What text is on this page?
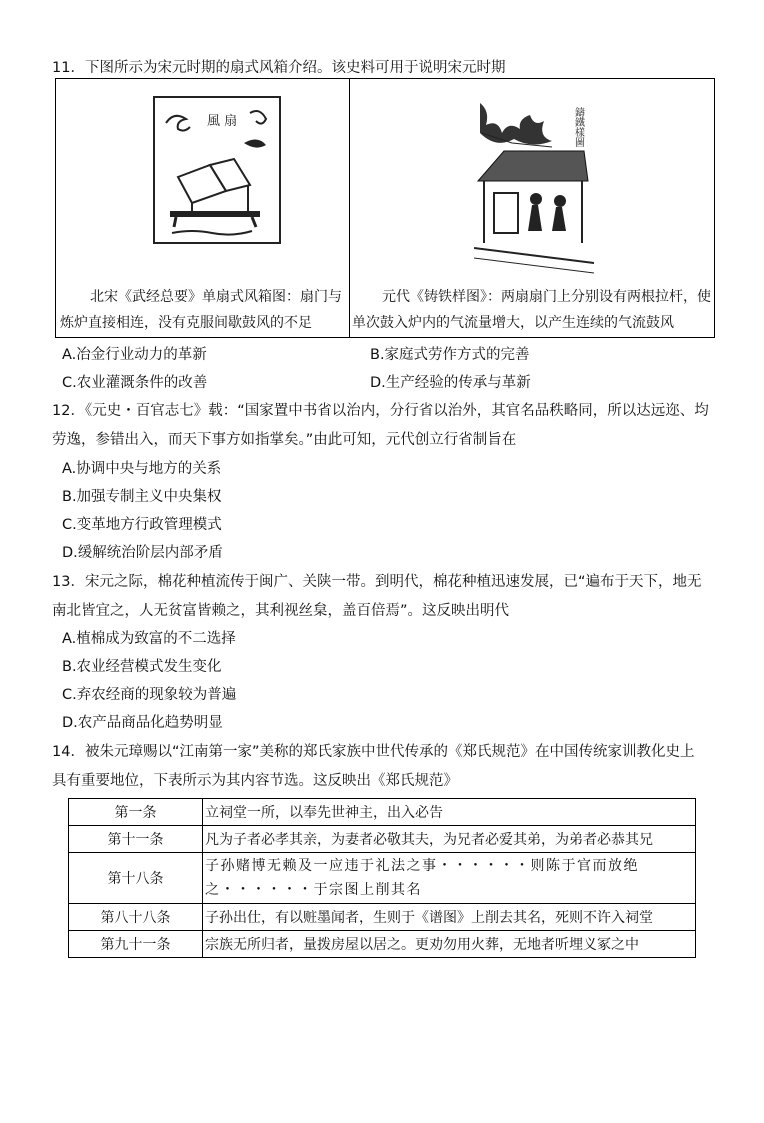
11．下图所示为宋元时期的扇式风箱介绍。该史料可用于说明宋元时期
風 扇
北宋《武经总要》单扇式风箱图：扇门与炼炉直接相连，没有克服间歇鼓风的不足
鑄鐵樣圖
元代《铸铁样图》：两扇扇门上分别设有两根拉杆，使单次鼓入炉内的气流量增大，以产生连续的气流鼓风
A.冶金行业动力的革新	B.家庭式劳作方式的完善
C.农业灌溉条件的改善	D.生产经验的传承与革新
12．《元史・百官志七》载：“国家置中书省以治内，分行省以治外，其官名品秩略同，所以达远迩、均
劳逸，参错出入，而天下事方如指掌矣。”由此可知，元代创立行省制旨在
A.协调中央与地方的关系
B.加强专制主义中央集权
C.变革地方行政管理模式
D.缓解统治阶层内部矛盾
13．宋元之际，棉花种植流传于闽广、关陕一带。到明代，棉花种植迅速发展，已“遍布于天下，地无
南北皆宜之，人无贫富皆赖之，其利视丝枲，盖百倍焉”。这反映出明代
A.植棉成为致富的不二选择
B.农业经营模式发生变化
C.弃农经商的现象较为普遍
D.农产品商品化趋势明显
14．被朱元璋赐以“江南第一家”美称的郑氏家族中世代传承的《郑氏规范》在中国传统家训教化史上
具有重要地位，下表所示为其内容节选。这反映出《郑氏规范》
第一条	立祠堂一所，以奉先世神主，出入必告
第十一条	凡为子者必孝其亲，为妻者必敬其夫，为兄者必爱其弟，为弟者必恭其兄
第十八条	子孙赌博无赖及一应违于礼法之事・・・・・・则陈于官而放绝之・・・・・・于宗图上削其名
第八十八条	子孙出仕，有以赃墨闻者，生则于《谱图》上削去其名，死则不许入祠堂
第九十一条	宗族无所归者，量拨房屋以居之。更劝勿用火葬，无地者听埋义冢之中
